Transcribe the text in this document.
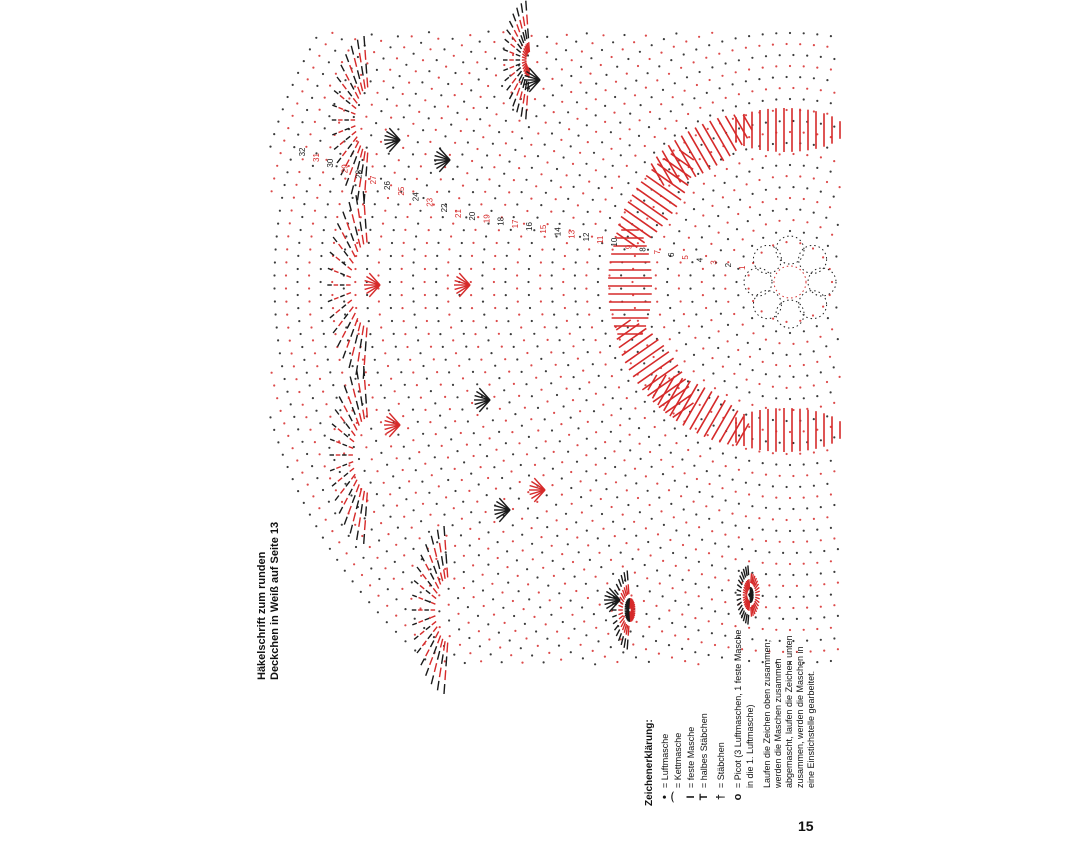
1
2
3
4
5
6
7
8
9
10
11
12
13
14
15
16
17
18
19
20
21
22
23
24
25
26
27
28
29
30
31
32
Häkelschrift zum runden Deckchen in Weiß auf Seite 13
Zeichenerklärung: •
= Luftmasche
⌒
= Kettmasche
I
= feste Masche
T
= halbes Stäbchen
†
= Stäbchen
o
= Picot (3 Luftmaschen, 1 feste Masche in die 1. Luftmasche) Laufen die Zeichen oben zusammen, werden die Maschen zusammen abgemascht, laufen die Zeichen unten zusammen, werden die Maschen in eine Einstichstelle gearbeitet.
15
